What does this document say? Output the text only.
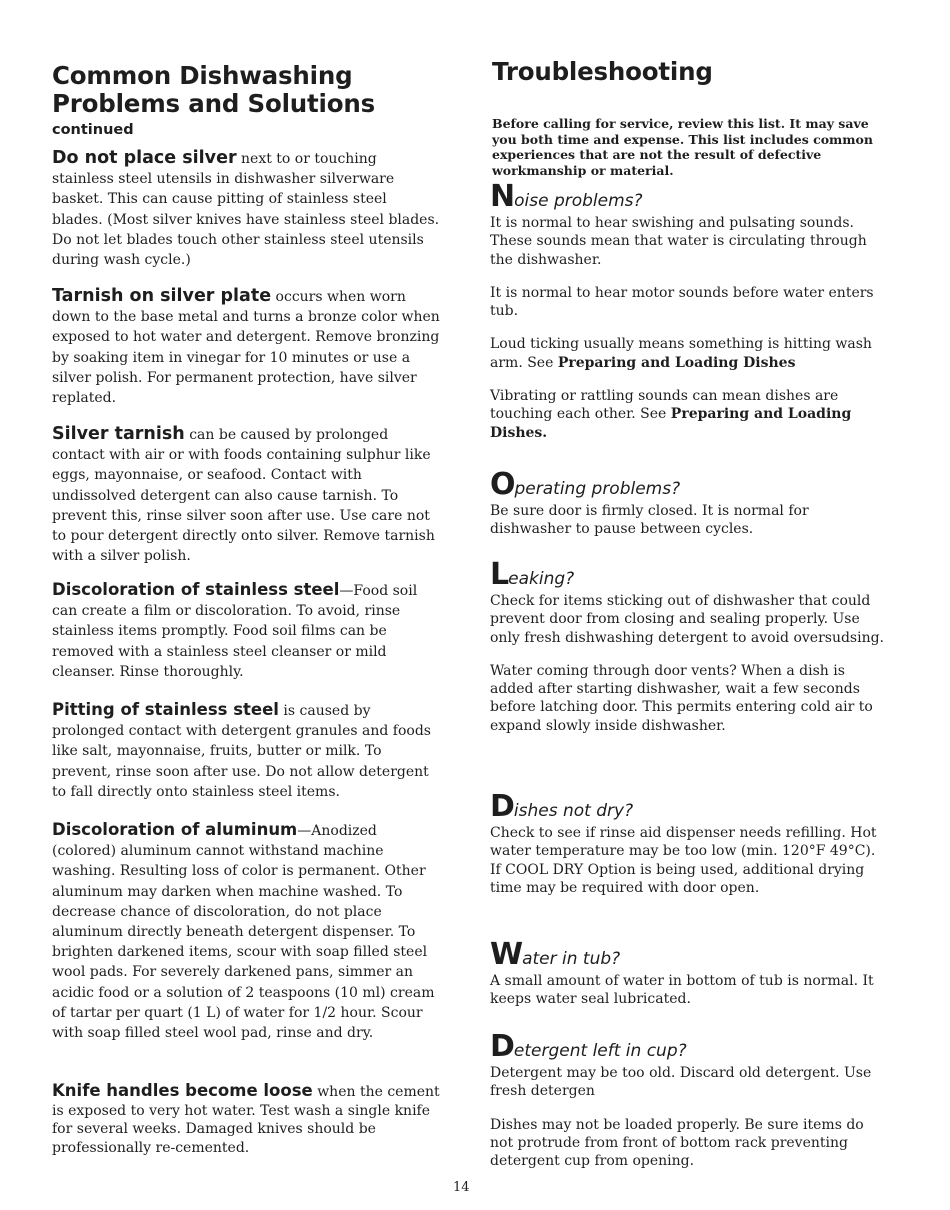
Common Dishwashing
Problems and Solutions
continued
Do not place silver next to or touching stainless steel utensils in dishwasher silverware basket. This can cause pitting of stainless steel blades. (Most silver knives have stainless steel blades. Do not let blades touch other stainless steel utensils during wash cycle.)
Tarnish on silver plate occurs when worn down to the base metal and turns a bronze color when exposed to hot water and detergent. Remove bronzing by soaking item in vinegar for 10 minutes or use a silver polish. For permanent protection, have silver replated.
Silver tarnish can be caused by prolonged contact with air or with foods containing sulphur like eggs, mayonnaise, or seafood. Contact with undissolved detergent can also cause tarnish. To prevent this, rinse silver soon after use. Use care not to pour detergent directly onto silver. Remove tarnish with a silver polish.
Discoloration of stainless steel—Food soil can create a film or discoloration. To avoid, rinse stainless items promptly. Food soil films can be removed with a stainless steel cleanser or mild cleanser. Rinse thoroughly.
Pitting of stainless steel is caused by prolonged contact with detergent granules and foods like salt, mayonnaise, fruits, butter or milk. To prevent, rinse soon after use. Do not allow detergent to fall directly onto stainless steel items.
Discoloration of aluminum—Anodized (colored) aluminum cannot withstand machine washing. Resulting loss of color is permanent. Other aluminum may darken when machine washed. To decrease chance of discoloration, do not place aluminum directly beneath detergent dispenser. To brighten darkened items, scour with soap filled steel wool pads. For severely darkened pans, simmer an acidic food or a solution of 2 teaspoons (10 ml) cream of tartar per quart (1 L) of water for 1/2 hour. Scour with soap filled steel wool pad, rinse and dry.
Knife handles become loose when the cement is exposed to very hot water. Test wash a single knife for several weeks. Damaged knives should be professionally re-cemented.
Troubleshooting
Before calling for service, review this list. It may save you both time and expense. This list includes common experiences that are not the result of defective workmanship or material.
Noise problems?

It is normal to hear swishing and pulsating sounds. These sounds mean that water is circulating through the dishwasher.

It is normal to hear motor sounds before water enters tub.

Loud ticking usually means something is hitting wash arm. See Preparing and Loading Dishes

Vibrating or rattling sounds can mean dishes are touching each other. See Preparing and Loading Dishes.

Operating problems?

Be sure door is firmly closed. It is normal for dishwasher to pause between cycles.

Leaking?

Check for items sticking out of dishwasher that could prevent door from closing and sealing properly. Use only fresh dishwashing detergent to avoid oversudsing.

Water coming through door vents? When a dish is added after starting dishwasher, wait a few seconds before latching door. This permits entering cold air to expand slowly inside dishwasher.

Dishes not dry?

Check to see if rinse aid dispenser needs refilling. Hot water temperature may be too low (min. 120°F 49°C). If COOL DRY Option is being used, additional drying time may be required with door open.

Water in tub?

A small amount of water in bottom of tub is normal. It keeps water seal lubricated.

Detergent left in cup?

Detergent may be too old. Discard old detergent. Use fresh detergen

Dishes may not be loaded properly. Be sure items do not protrude from front of bottom rack preventing detergent cup from opening.

14
